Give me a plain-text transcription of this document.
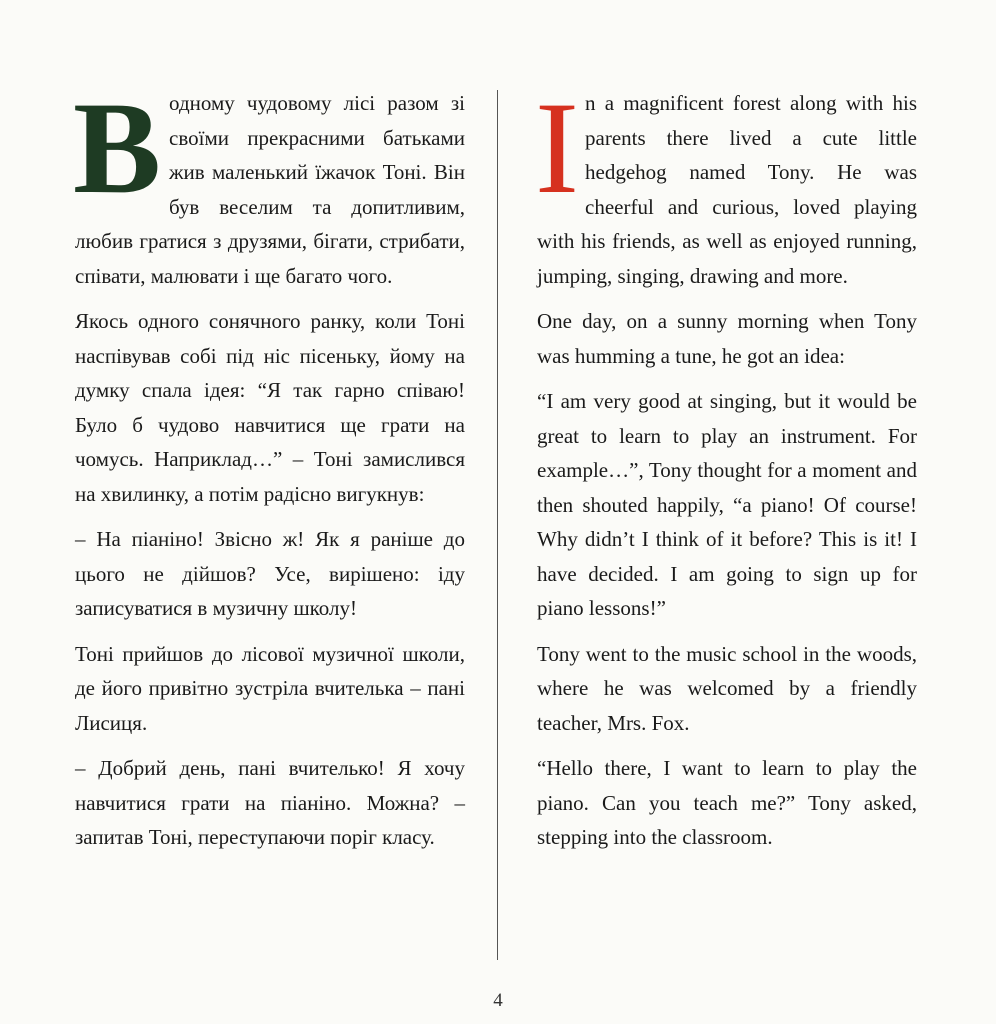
В одному чудовому лісі разом зі своїми прекрасними батьками жив маленький їжачок Тоні. Він був веселим та допитливим, любив гратися з друзями, бігати, стрибати, співати, малювати і ще багато чого.

Якось одного сонячного ранку, коли Тоні наспівував собі під ніс пісеньку, йому на думку спала ідея: “Я так гарно співаю! Було б чудово навчитися ще грати на чомусь. Наприклад…” – Тоні замислився на хвилинку, а потім радісно вигукнув:

– На піаніно! Звісно ж! Як я раніше до цього не дійшов? Усе, вирішено: іду записуватися в музичну школу!

Тоні прийшов до лісової музичної школи, де його привітно зустріла вчителька – пані Лисиця.

– Добрий день, пані вчителько! Я хочу навчитися грати на піаніно. Можна? – запитав Тоні, переступаючи поріг класу.

I n a magnificent forest along with his parents there lived a cute little hedgehog named Tony. He was cheerful and curious, loved playing with his friends, as well as enjoyed running, jumping, singing, drawing and more.

One day, on a sunny morning when Tony was humming a tune, he got an idea:

“I am very good at singing, but it would be great to learn to play an instrument. For example…”, Tony thought for a moment and then shouted happily, “a piano! Of course! Why didn’t I think of it before? This is it! I have decided. I am going to sign up for piano lessons!”

Tony went to the music school in the woods, where he was welcomed by a friendly teacher, Mrs. Fox.

“Hello there, I want to learn to play the piano. Can you teach me?” Tony asked, stepping into the classroom.

4
